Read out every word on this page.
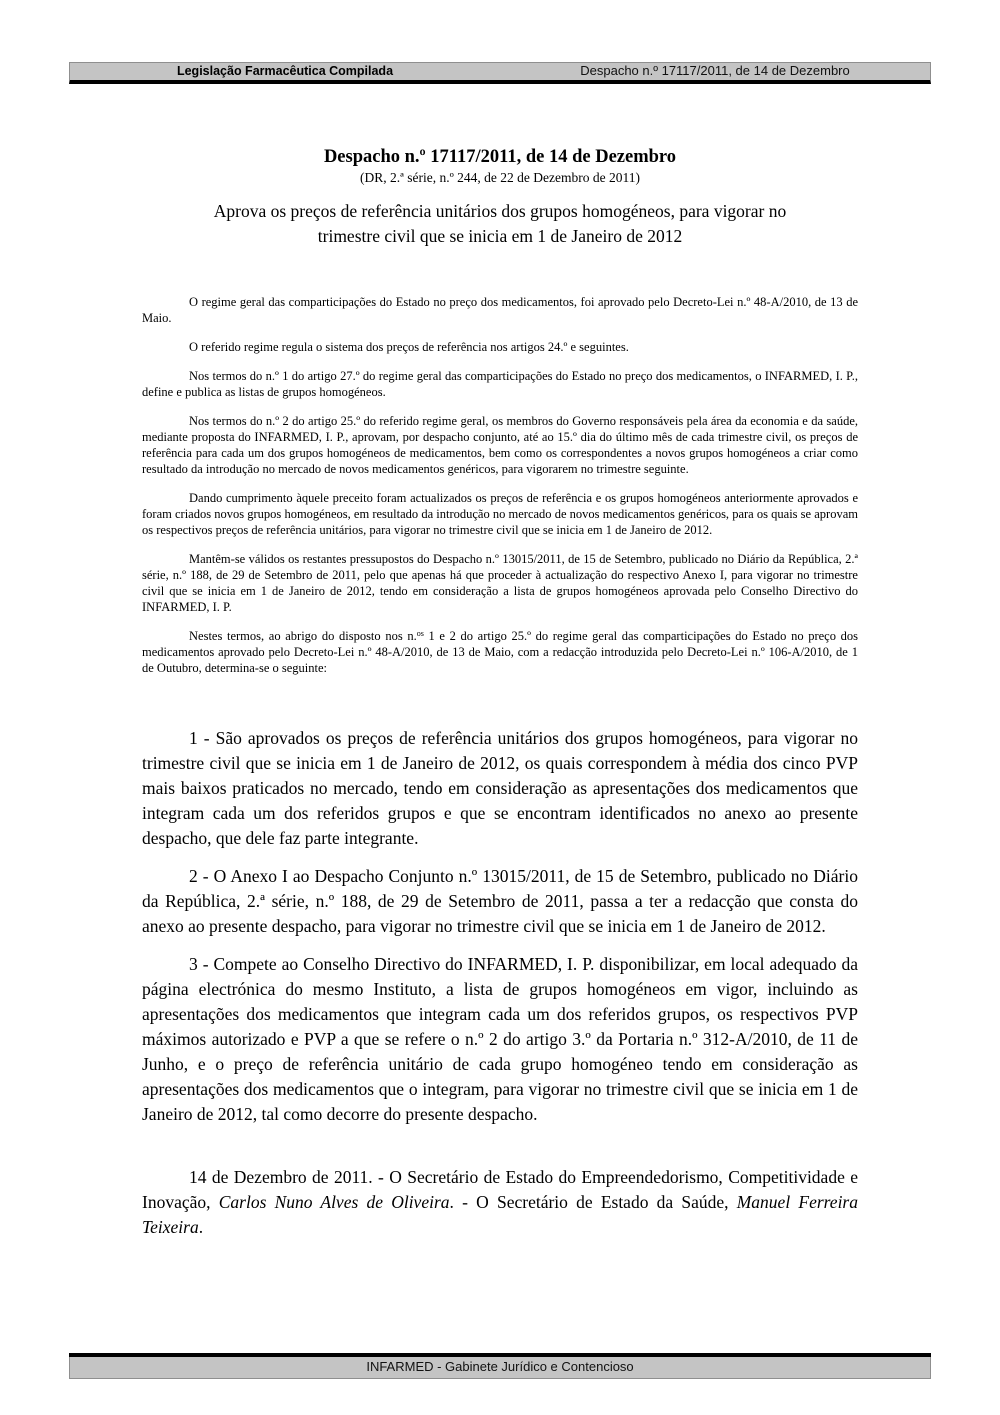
Legislação Farmacêutica Compilada	Despacho n.º 17117/2011, de 14 de Dezembro
Despacho n.º 17117/2011, de 14 de Dezembro
(DR, 2.ª série, n.º 244, de 22 de Dezembro de 2011)
Aprova os preços de referência unitários dos grupos homogéneos, para vigorar no trimestre civil que se inicia em 1 de Janeiro de 2012

O regime geral das comparticipações do Estado no preço dos medicamentos, foi aprovado pelo Decreto-Lei n.º 48-A/2010, de 13 de Maio.

O referido regime regula o sistema dos preços de referência nos artigos 24.º e seguintes.

Nos termos do n.º 1 do artigo 27.º do regime geral das comparticipações do Estado no preço dos medicamentos, o INFARMED, I. P., define e publica as listas de grupos homogéneos.

Nos termos do n.º 2 do artigo 25.º do referido regime geral, os membros do Governo responsáveis pela área da economia e da saúde, mediante proposta do INFARMED, I. P., aprovam, por despacho conjunto, até ao 15.º dia do último mês de cada trimestre civil, os preços de referência para cada um dos grupos homogéneos de medicamentos, bem como os correspondentes a novos grupos homogéneos a criar como resultado da introdução no mercado de novos medicamentos genéricos, para vigorarem no trimestre seguinte.

Dando cumprimento àquele preceito foram actualizados os preços de referência e os grupos homogéneos anteriormente aprovados e foram criados novos grupos homogéneos, em resultado da introdução no mercado de novos medicamentos genéricos, para os quais se aprovam os respectivos preços de referência unitários, para vigorar no trimestre civil que se inicia em 1 de Janeiro de 2012.

Mantêm-se válidos os restantes pressupostos do Despacho n.º 13015/2011, de 15 de Setembro, publicado no Diário da República, 2.ª série, n.º 188, de 29 de Setembro de 2011, pelo que apenas há que proceder à actualização do respectivo Anexo I, para vigorar no trimestre civil que se inicia em 1 de Janeiro de 2012, tendo em consideração a lista de grupos homogéneos aprovada pelo Conselho Directivo do INFARMED, I. P.

Nestes termos, ao abrigo do disposto nos n.$^{os}$ 1 e 2 do artigo 25.º do regime geral das comparticipações do Estado no preço dos medicamentos aprovado pelo Decreto-Lei n.º 48-A/2010, de 13 de Maio, com a redacção introduzida pelo Decreto-Lei n.º 106-A/2010, de 1 de Outubro, determina-se o seguinte:

1 - São aprovados os preços de referência unitários dos grupos homogéneos, para vigorar no trimestre civil que se inicia em 1 de Janeiro de 2012, os quais correspondem à média dos cinco PVP mais baixos praticados no mercado, tendo em consideração as apresentações dos medicamentos que integram cada um dos referidos grupos e que se encontram identificados no anexo ao presente despacho, que dele faz parte integrante.

2 - O Anexo I ao Despacho Conjunto n.º 13015/2011, de 15 de Setembro, publicado no Diário da República, 2.ª série, n.º 188, de 29 de Setembro de 2011, passa a ter a redacção que consta do anexo ao presente despacho, para vigorar no trimestre civil que se inicia em 1 de Janeiro de 2012.

3 - Compete ao Conselho Directivo do INFARMED, I. P. disponibilizar, em local adequado da página electrónica do mesmo Instituto, a lista de grupos homogéneos em vigor, incluindo as apresentações dos medicamentos que integram cada um dos referidos grupos, os respectivos PVP máximos autorizado e PVP a que se refere o n.º 2 do artigo 3.º da Portaria n.º 312-A/2010, de 11 de Junho, e o preço de referência unitário de cada grupo homogéneo tendo em consideração as apresentações dos medicamentos que o integram, para vigorar no trimestre civil que se inicia em 1 de Janeiro de 2012, tal como decorre do presente despacho.

14 de Dezembro de 2011. - O Secretário de Estado do Empreendedorismo, Competitividade e Inovação, Carlos Nuno Alves de Oliveira. - O Secretário de Estado da Saúde, Manuel Ferreira Teixeira.

INFARMED - Gabinete Jurídico e Contencioso
